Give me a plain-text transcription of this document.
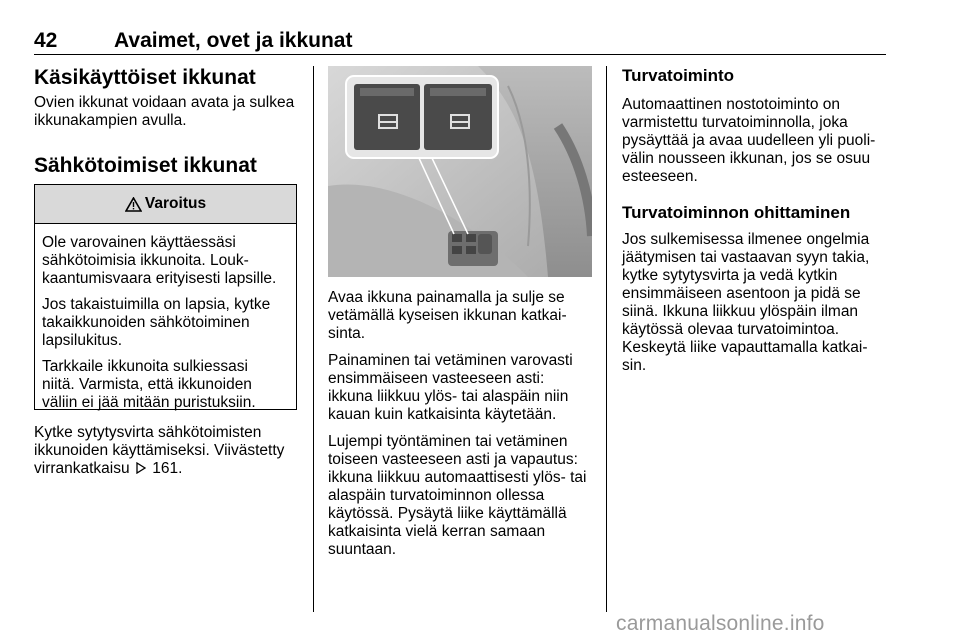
42	Avaimet, ovet ja ikkunat
Käsikäyttöiset ikkunat
Ovien ikkunat voidaan avata ja sulkea
ikkunakampien avulla.
Sähkötoimiset ikkunat
Varoitus

Ole varovainen käyttäessäsi
sähkötoimisia ikkunoita. Louk-
kaantumisvaara erityisesti lapsille.

Jos takaistuimilla on lapsia, kytke
takaikkunoiden sähkötoiminen
lapsilukitus.

Tarkkaile ikkunoita sulkiessasi
niitä. Varmista, että ikkunoiden
väliin ei jää mitään puristuksiin.

Kytke sytytysvirta sähkötoimisten
ikkunoiden käyttämiseksi. Viivästetty
virrankatkaisu 161.

Avaa ikkuna painamalla ja sulje se
vetämällä kyseisen ikkunan katkai-
sinta.

Painaminen tai vetäminen varovasti
ensimmäiseen vasteeseen asti:
ikkuna liikkuu ylös- tai alaspäin niin
kauan kuin katkaisinta käytetään.

Lujempi työntäminen tai vetäminen
toiseen vasteeseen asti ja vapautus:
ikkuna liikkuu automaattisesti ylös- tai
alaspäin turvatoiminnon ollessa
käytössä. Pysäytä liike käyttämällä
katkaisinta vielä kerran samaan
suuntaan.

Turvatoiminto
Automaattinen nostotoiminto on
varmistettu turvatoiminnolla, joka
pysäyttää ja avaa uudelleen yli puoli-
välin nousseen ikkunan, jos se osuu
esteeseen.
Turvatoiminnon ohittaminen
Jos sulkemisessa ilmenee ongelmia
jäätymisen tai vastaavan syyn takia,
kytke sytytysvirta ja vedä kytkin
ensimmäiseen asentoon ja pidä se
siinä. Ikkuna liikkuu ylöspäin ilman
käytössä olevaa turvatoimintoa.
Keskeytä liike vapauttamalla katkai-
sin.
carmanualsonline.info
